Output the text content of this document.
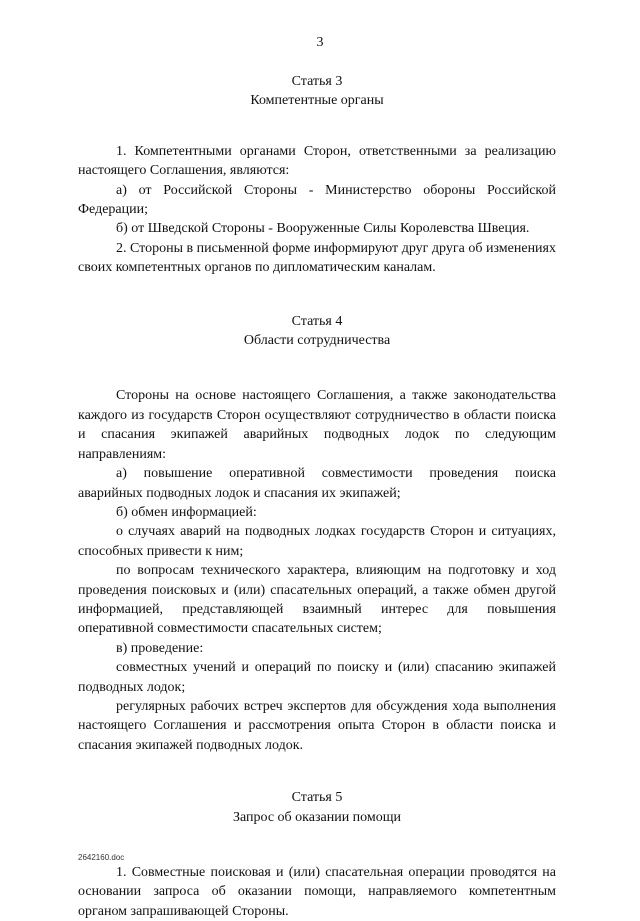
3
Статья 3
Компетентные органы

1. Компетентными органами Сторон, ответственными за реализацию настоящего Соглашения, являются:

а) от Российской Стороны - Министерство обороны Российской Федерации;

б) от Шведской Стороны - Вооруженные Силы Королевства Швеция.

2. Стороны в письменной форме информируют друг друга об изменениях своих компетентных органов по дипломатическим каналам.

Статья 4
Области сотрудничества

Стороны на основе настоящего Соглашения, а также законодательства каждого из государств Сторон осуществляют сотрудничество в области поиска и спасания экипажей аварийных подводных лодок по следующим направлениям:

а) повышение оперативной совместимости проведения поиска аварийных подводных лодок и спасания их экипажей;

б) обмен информацией:

о случаях аварий на подводных лодках государств Сторон и ситуациях, способных привести к ним;

по вопросам технического характера, влияющим на подготовку и ход проведения поисковых и (или) спасательных операций, а также обмен другой информацией, представляющей взаимный интерес для повышения оперативной совместимости спасательных систем;

в) проведение:

совместных учений и операций по поиску и (или) спасанию экипажей подводных лодок;

регулярных рабочих встреч экспертов для обсуждения хода выполнения настоящего Соглашения и рассмотрения опыта Сторон в области поиска и спасания экипажей подводных лодок.

Статья 5
Запрос об оказании помощи

1. Совместные поисковая и (или) спасательная операции проводятся на основании запроса об оказании помощи, направляемого компетентным органом запрашивающей Стороны.

2642160.doc
